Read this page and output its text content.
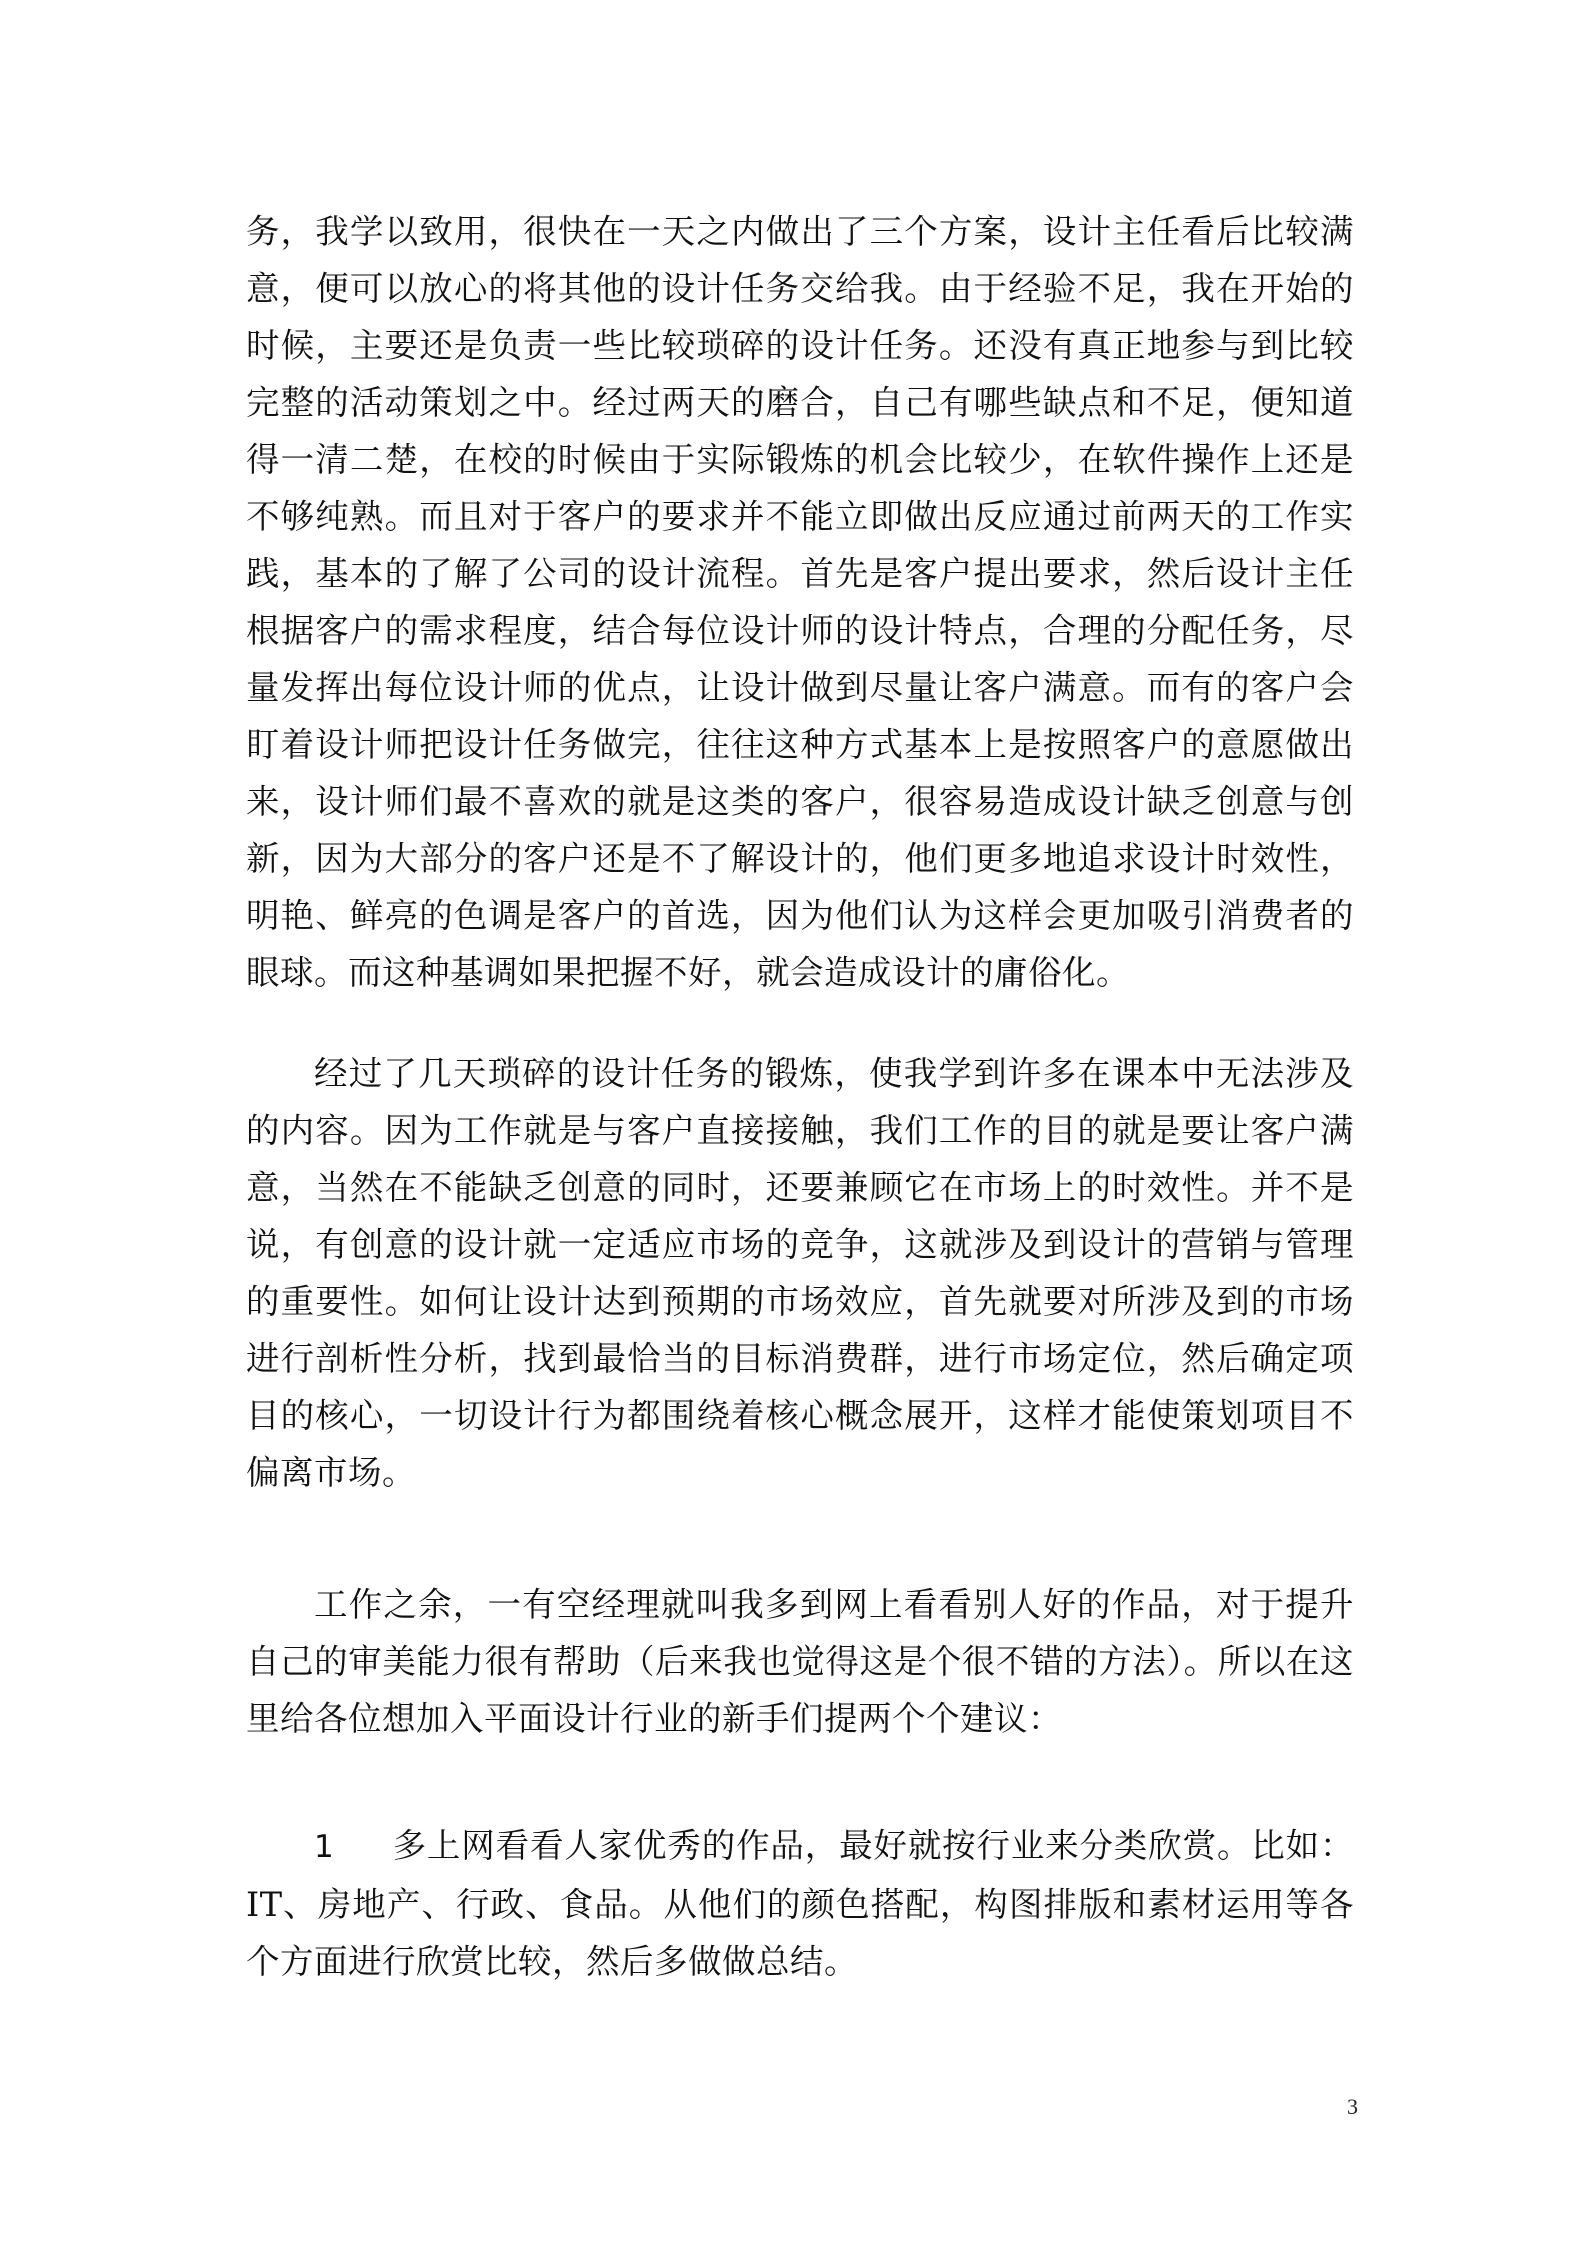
务，我学以致用，很快在一天之内做出了三个方案，设计主任看后比较满意，便可以放心的将其他的设计任务交给我。由于经验不足，我在开始的时候，主要还是负责一些比较琐碎的设计任务。还没有真正地参与到比较完整的活动策划之中。经过两天的磨合，自己有哪些缺点和不足，便知道得一清二楚，在校的时候由于实际锻炼的机会比较少，在软件操作上还是不够纯熟。而且对于客户的要求并不能立即做出反应通过前两天的工作实践，基本的了解了公司的设计流程。首先是客户提出要求，然后设计主任根据客户的需求程度，结合每位设计师的设计特点，合理的分配任务，尽量发挥出每位设计师的优点，让设计做到尽量让客户满意。而有的客户会盯着设计师把设计任务做完，往往这种方式基本上是按照客户的意愿做出来，设计师们最不喜欢的就是这类的客户，很容易造成设计缺乏创意与创新，因为大部分的客户还是不了解设计的，他们更多地追求设计时效性，明艳、鲜亮的色调是客户的首选，因为他们认为这样会更加吸引消费者的眼球。而这种基调如果把握不好，就会造成设计的庸俗化。

经过了几天琐碎的设计任务的锻炼，使我学到许多在课本中无法涉及的内容。因为工作就是与客户直接接触，我们工作的目的就是要让客户满意，当然在不能缺乏创意的同时，还要兼顾它在市场上的时效性。并不是说，有创意的设计就一定适应市场的竞争，这就涉及到设计的营销与管理的重要性。如何让设计达到预期的市场效应，首先就要对所涉及到的市场进行剖析性分析，找到最恰当的目标消费群，进行市场定位，然后确定项目的核心，一切设计行为都围绕着核心概念展开，这样才能使策划项目不偏离市场。

工作之余，一有空经理就叫我多到网上看看别人好的作品，对于提升自己的审美能力很有帮助（后来我也觉得这是个很不错的方法）。所以在这里给各位想加入平面设计行业的新手们提两个个建议：

1 多上网看看人家优秀的作品，最好就按行业来分类欣赏。比如：IT、房地产、行政、食品。从他们的颜色搭配，构图排版和素材运用等各个方面进行欣赏比较，然后多做做总结。

3
